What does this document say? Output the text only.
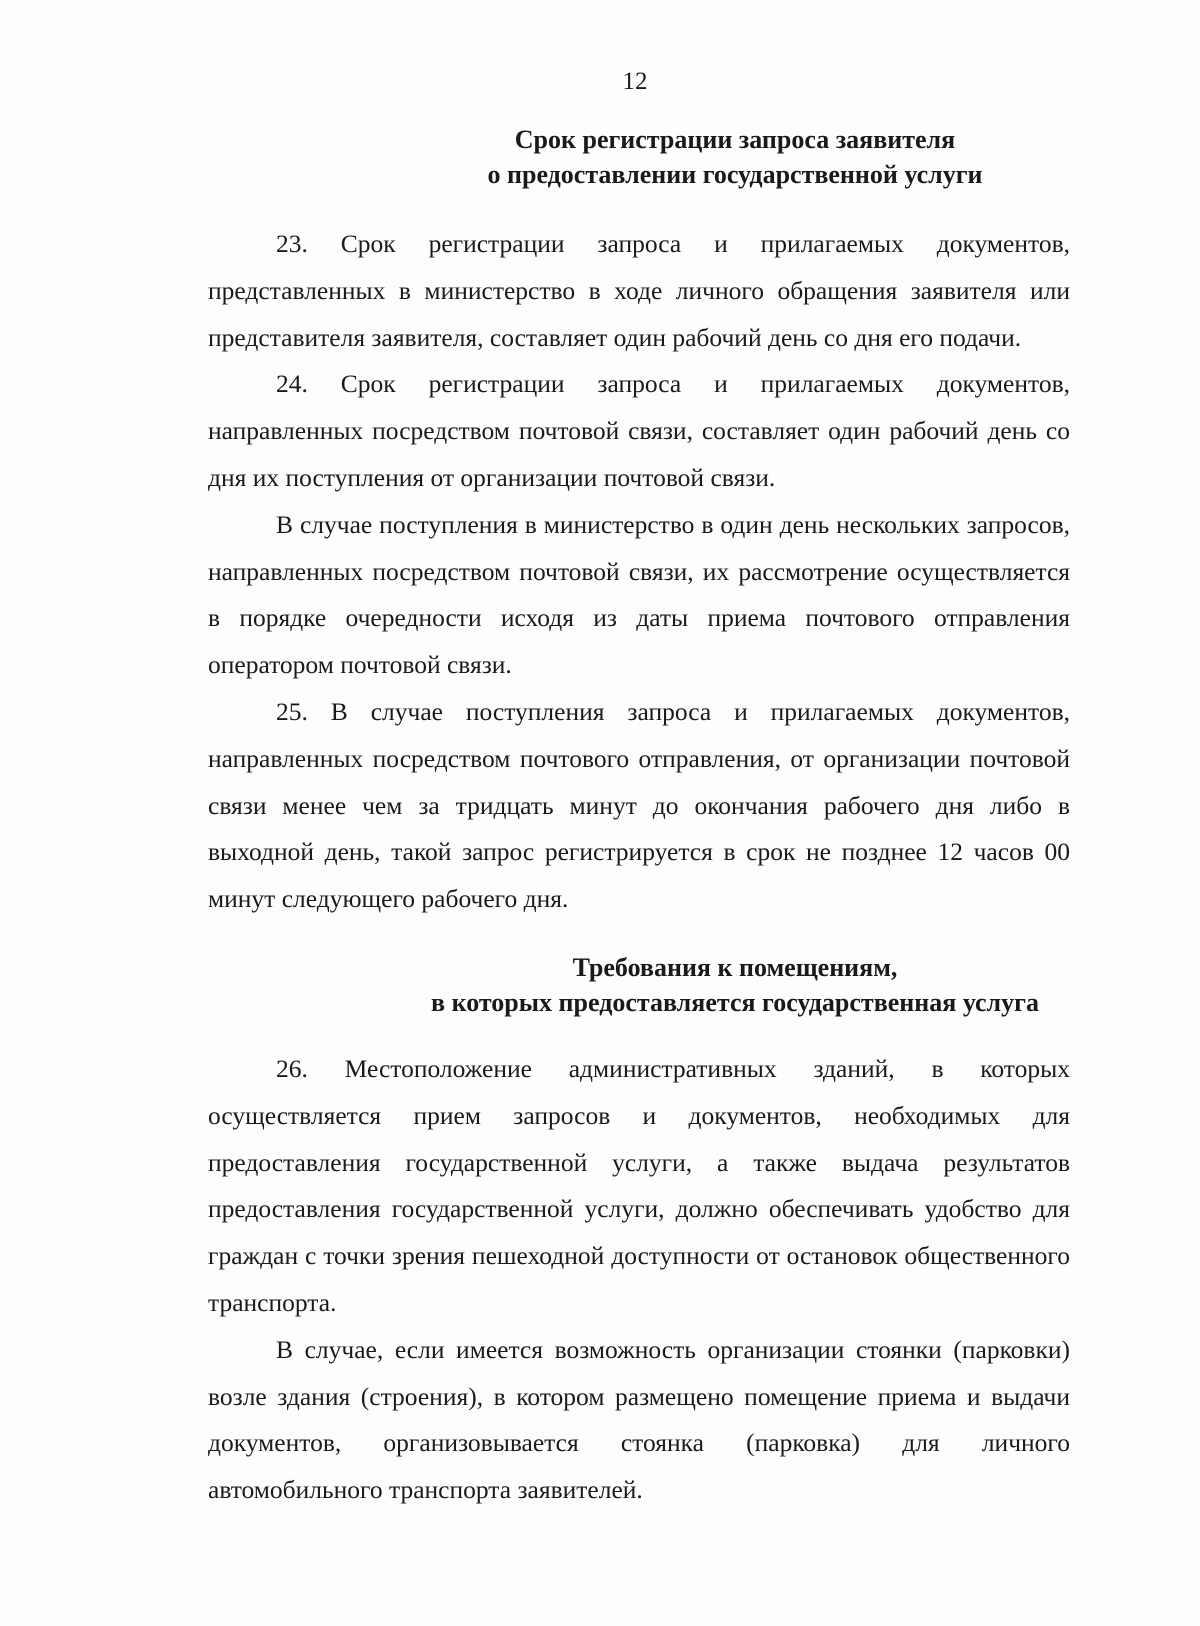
12
Срок регистрации запроса заявителя
о предоставлении государственной услуги

23. Срок регистрации запроса и прилагаемых документов, представленных в министерство в ходе личного обращения заявителя или представителя заявителя, составляет один рабочий день со дня его подачи.

24. Срок регистрации запроса и прилагаемых документов, направленных посредством почтовой связи, составляет один рабочий день со дня их поступления от организации почтовой связи.

В случае поступления в министерство в один день нескольких запросов, направленных посредством почтовой связи, их рассмотрение осуществляется в порядке очередности исходя из даты приема почтового отправления оператором почтовой связи.

25. В случае поступления запроса и прилагаемых документов, направленных посредством почтового отправления, от организации почтовой связи менее чем за тридцать минут до окончания рабочего дня либо в выходной день, такой запрос регистрируется в срок не позднее 12 часов 00 минут следующего рабочего дня.

Требования к помещениям,
в которых предоставляется государственная услуга

26. Местоположение административных зданий, в которых осуществляется прием запросов и документов, необходимых для предоставления государственной услуги, а также выдача результатов предоставления государственной услуги, должно обеспечивать удобство для граждан с точки зрения пешеходной доступности от остановок общественного транспорта.

В случае, если имеется возможность организации стоянки (парковки) возле здания (строения), в котором размещено помещение приема и выдачи документов, организовывается стоянка (парковка) для личного автомобильного транспорта заявителей.
